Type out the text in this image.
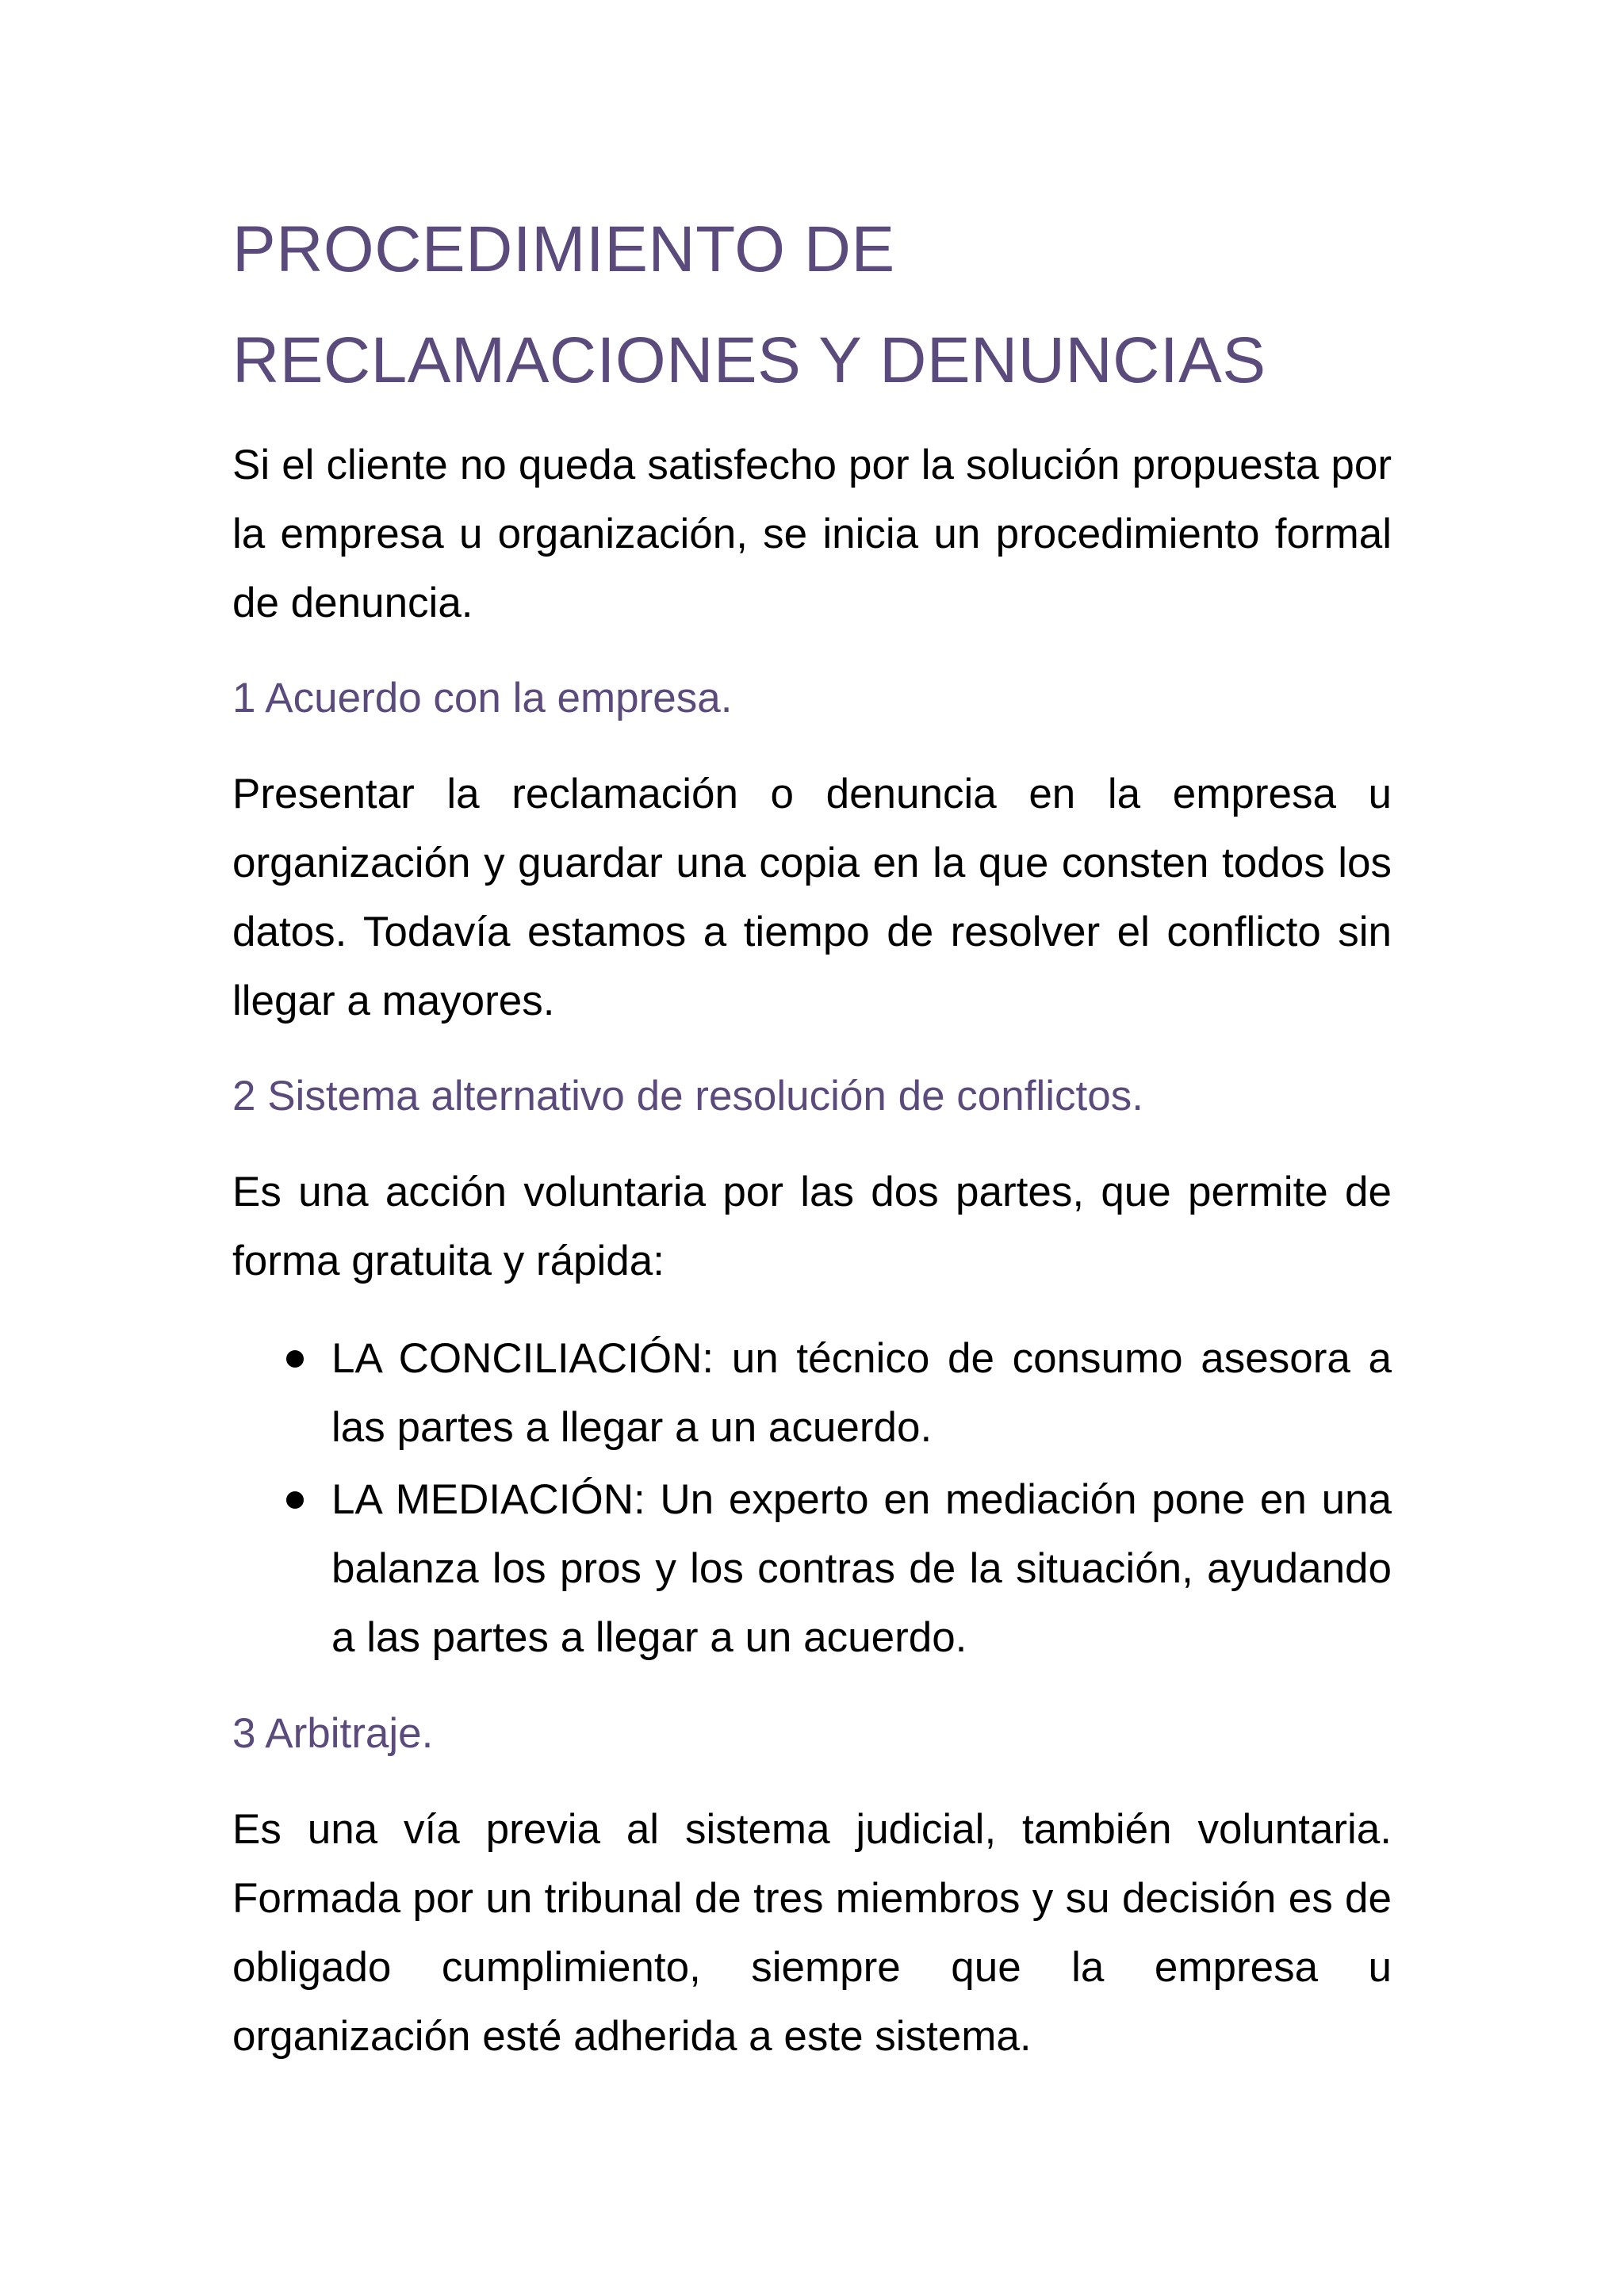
PROCEDIMIENTO DE
RECLAMACIONES Y DENUNCIAS

Si el cliente no queda satisfecho por la solución propuesta por la empresa u organización, se inicia un procedimiento formal de denuncia.

1 Acuerdo con la empresa.

Presentar la reclamación o denuncia en la empresa u organización y guardar una copia en la que consten todos los datos. Todavía estamos a tiempo de resolver el conflicto sin llegar a mayores.

2 Sistema alternativo de resolución de conflictos.

Es una acción voluntaria por las dos partes, que permite de forma gratuita y rápida:

LA CONCILIACIÓN: un técnico de consumo asesora a las partes a llegar a un acuerdo.
LA MEDIACIÓN: Un experto en mediación pone en una balanza los pros y los contras de la situación, ayudando a las partes a llegar a un acuerdo.
3 Arbitraje.

Es una vía previa al sistema judicial, también voluntaria. Formada por un tribunal de tres miembros y su decisión es de obligado cumplimiento, siempre que la empresa u organización esté adherida a este sistema.
